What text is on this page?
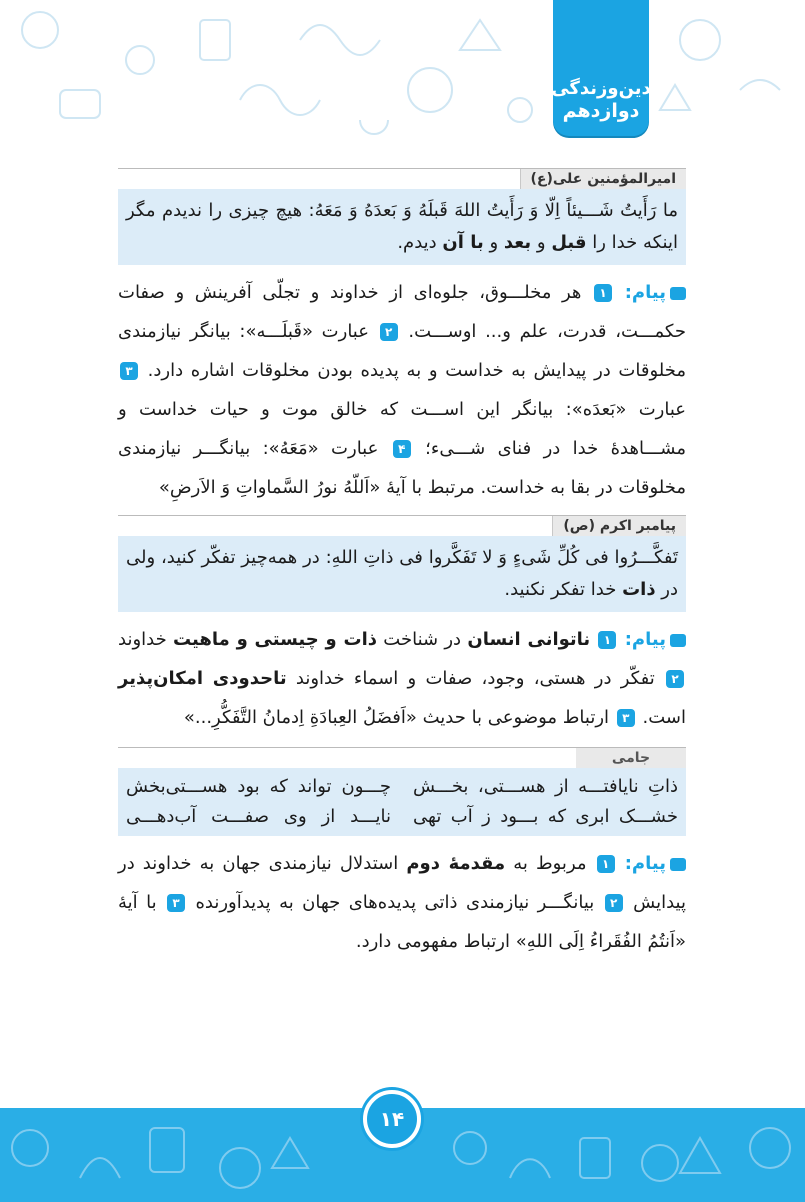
دین‌وزندگی
دوازدهم
امیرالمؤمنین علی(ع)
ما رَأَیتُ شَـــیئاً اِلّا وَ رَأَیتُ اللهَ قَبلَهُ وَ بَعدَهُ وَ مَعَهُ: هیچ چیزی را ندیدم مگر اینکه خدا را قبل و بعد و با آن دیدم.

پیام: ۱ هر مخلـــوق، جلوه‌ای از خداوند و تجلّی آفرینش و صفات حکمـــت، قدرت، علم و... اوســـت. ۲ عبارت «قَبلَـــه»: بیانگر نیازمندی مخلوقات در پیدایش به خداست و به پدیده بودن مخلوقات اشاره دارد. ۳ عبارت «بَعدَه»: بیانگر این اســـت که خالق موت و حیات خداست و مشـــاهدۀ خدا در فنای شـــیء؛ ۴ عبارت «مَعَهُ»: بیانگـــر نیازمندی مخلوقات در بقا به خداست. مرتبط با آیۀ «اَللّهُ نورُ السَّماواتِ وَ الاَرضِ»

پیامبر اکرم (ص)
تَفکَّـــرُوا فی کُلِّ شَیءٍ وَ لا تَفَکَّروا فی ذاتِ اللهِ: در همه‌چیز تفکّر کنید، ولی در ذات خدا تفکر نکنید.

پیام: ۱ ناتوانی انسان در شناخت ذات و چیستی و ماهیت خداوند ۲ تفکّر در هستی، وجود، صفات و اسماء خداوند تاحدودی امکان‌پذیر است. ۳ ارتباط موضوعی با حدیث «اَفضَلُ العِبادَةِ اِدمانُ التَّفَکُّرِ...»

جامی
ذاتِ نایافتـــه از هســـتی، بخـــش
چـــون تواند که بود هســـتی‌بخش
خشـــک ابری که بـــود ز آب تهی
نایـــد از وی صفـــت آب‌دهـــی

پیام: ۱ مربوط به مقدمۀ دوم استدلال نیازمندی جهان به خداوند در پیدایش ۲ بیانگـــر نیازمندی ذاتی پدیده‌های جهان به پدیدآورنده ۳ با آیۀ «اَنتُمُ الفُقَراءُ اِلَی اللهِ» ارتباط مفهومی دارد.

۱۴
